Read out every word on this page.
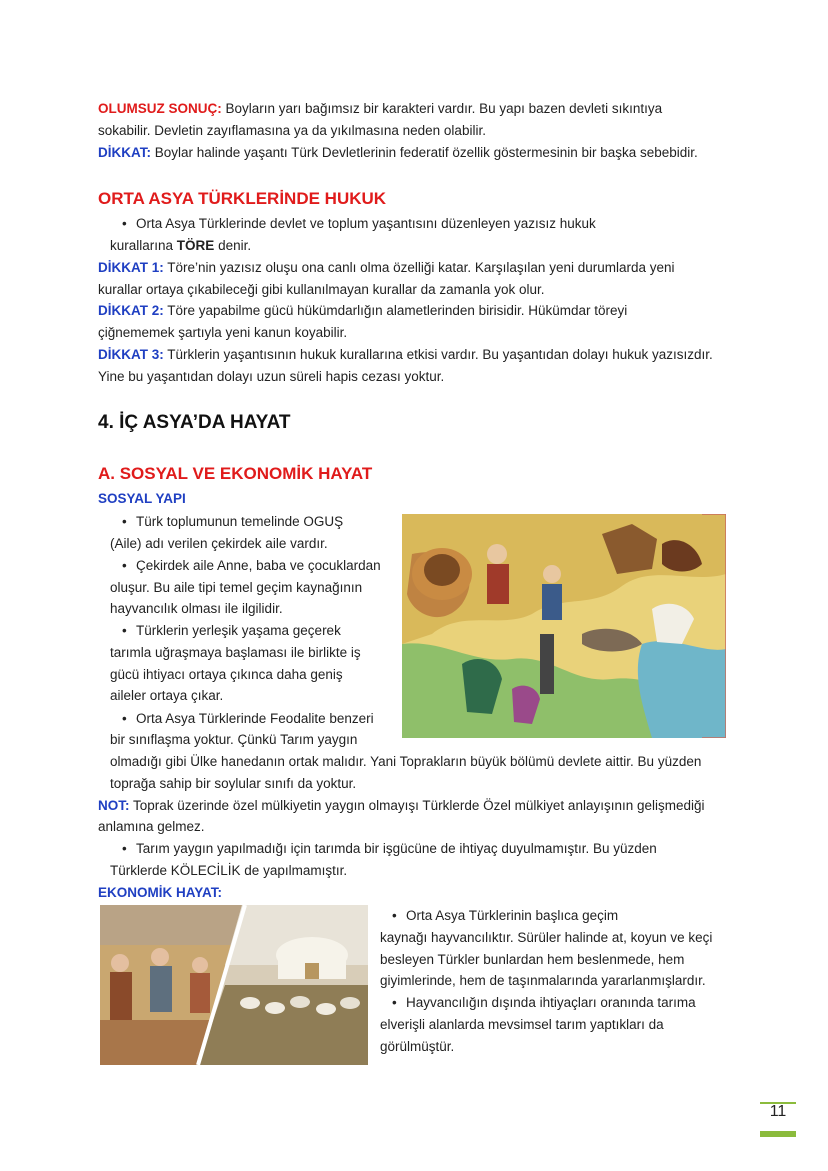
OLUMSUZ SONUÇ: Boyların yarı bağımsız bir karakteri vardır. Bu yapı bazen devleti sıkıntıya
sokabilir. Devletin zayıflamasına ya da yıkılmasına neden olabilir.
DİKKAT: Boylar halinde yaşantı Türk Devletlerinin federatif özellik göstermesinin bir başka sebebidir.
ORTA ASYA TÜRKLERİNDE HUKUK
• Orta Asya Türklerinde devlet ve toplum yaşantısını düzenleyen yazısız hukuk
kurallarına TÖRE denir.
DİKKAT 1: Töre’nin yazısız oluşu ona canlı olma özelliği katar. Karşılaşılan yeni durumlarda yeni
kurallar ortaya çıkabileceği gibi kullanılmayan kurallar da zamanla yok olur.
DİKKAT 2: Töre yapabilme gücü hükümdarlığın alametlerinden birisidir. Hükümdar töreyi
çiğnememek şartıyla yeni kanun koyabilir.
DİKKAT 3: Türklerin yaşantısının hukuk kurallarına etkisi vardır. Bu yaşantıdan dolayı hukuk yazısızdır.
Yine bu yaşantıdan dolayı uzun süreli hapis cezası yoktur.
4. İÇ ASYA’DA HAYAT
A. SOSYAL VE EKONOMİK HAYAT
SOSYAL YAPI
• Türk toplumunun temelinde OGUŞ
(Aile) adı verilen çekirdek aile vardır.
• Çekirdek aile Anne, baba ve çocuklardan
oluşur. Bu aile tipi temel geçim kaynağının
hayvancılık olması ile ilgilidir.
• Türklerin yerleşik yaşama geçerek
tarımla uğraşmaya başlaması ile birlikte iş
gücü ihtiyacı ortaya çıkınca daha geniş
aileler ortaya çıkar.
• Orta Asya Türklerinde Feodalite benzeri
bir sınıflaşma yoktur. Çünkü Tarım yaygın
olmadığı gibi Ülke hanedanın ortak malıdır. Yani Toprakların büyük bölümü devlete aittir. Bu yüzden
toprağa sahip bir soylular sınıfı da yoktur.
NOT: Toprak üzerinde özel mülkiyetin yaygın olmayışı Türklerde Özel mülkiyet anlayışının gelişmediği
anlamına gelmez.
• Tarım yaygın yapılmadığı için tarımda bir işgücüne de ihtiyaç duyulmamıştır. Bu yüzden
Türklerde KÖLECİLİK de yapılmamıştır.
EKONOMİK HAYAT:
• Orta Asya Türklerinin başlıca geçim
kaynağı hayvancılıktır. Sürüler halinde at, koyun ve keçi
besleyen Türkler bunlardan hem beslenmede, hem
giyimlerinde, hem de taşınmalarında yararlanmışlardır.
• Hayvancılığın dışında ihtiyaçları oranında tarıma
elverişli alanlarda mevsimsel tarım yaptıkları da
görülmüştür.
11
